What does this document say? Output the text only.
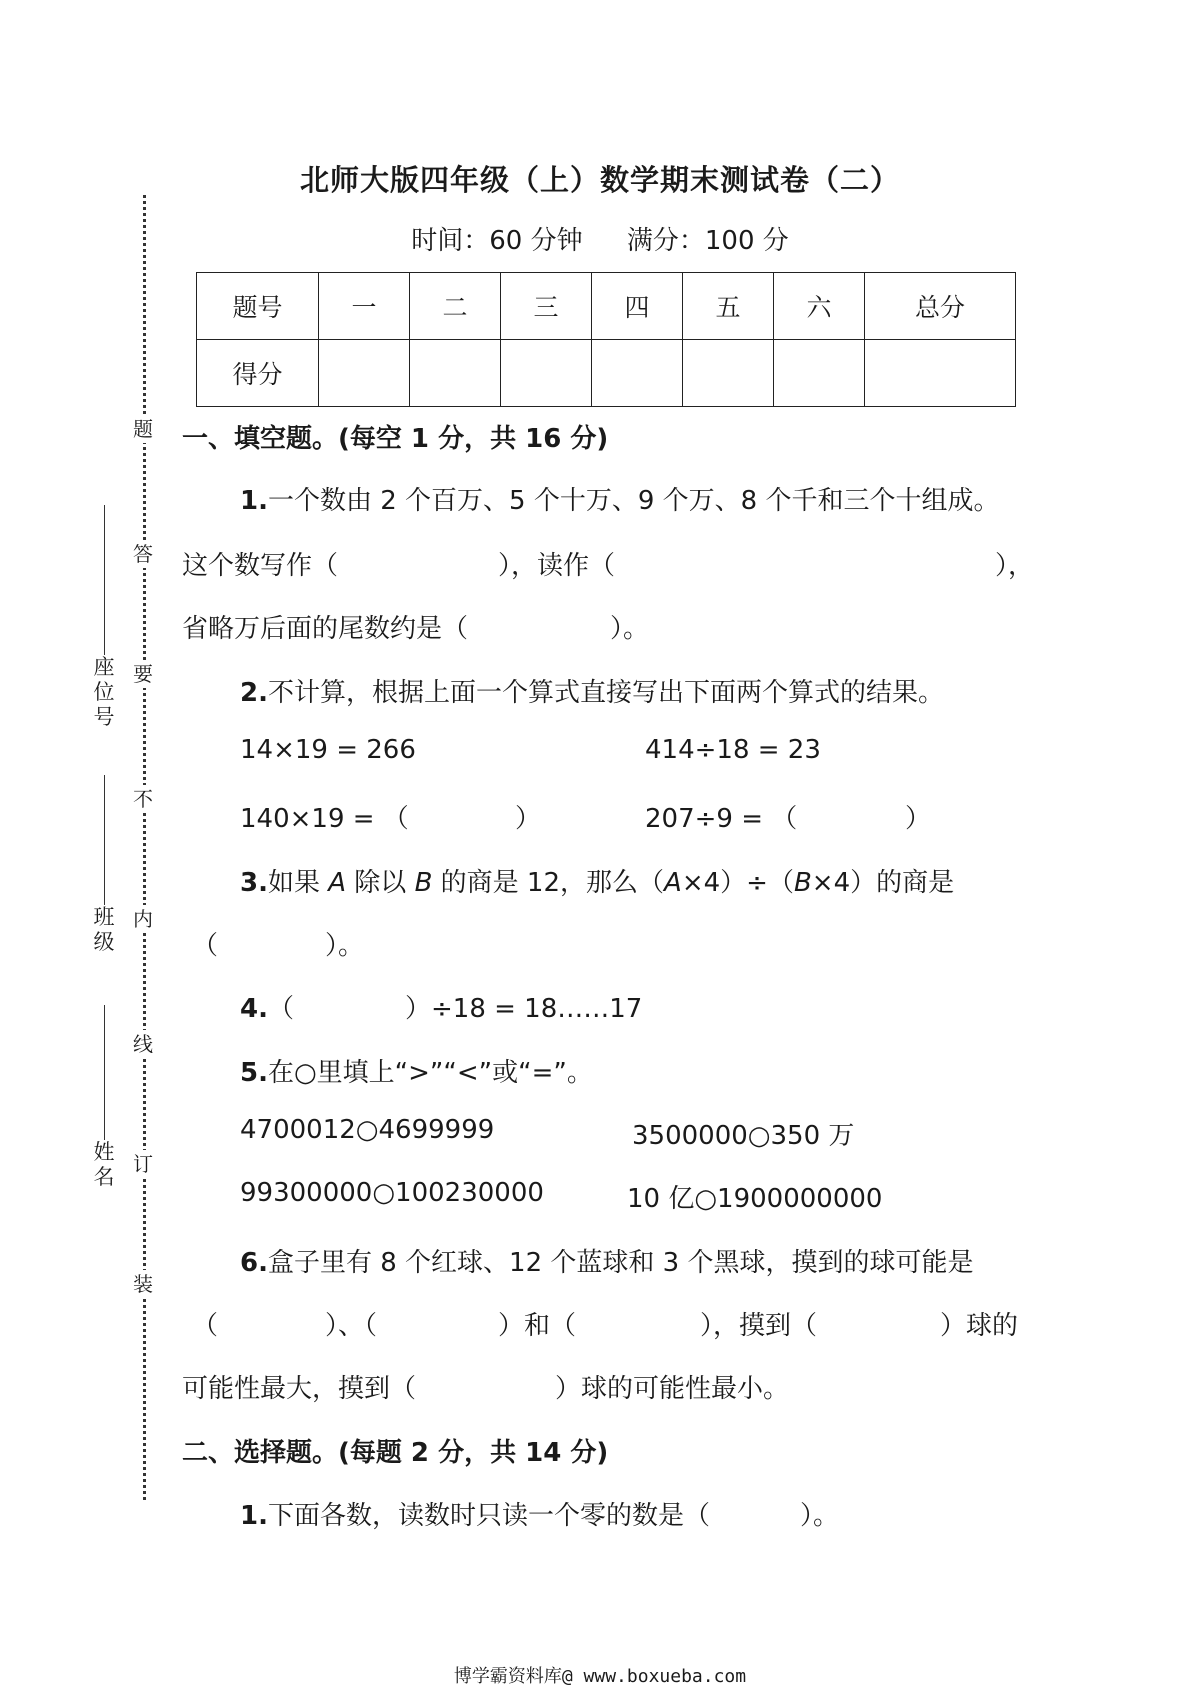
题
答
要
不
内
线
订
装
座位号
班级
姓名
北师大版四年级（上）数学期末测试卷（二）
时间：60 分钟 满分：100 分
题号	一	二	三	四	五	六	总分
得分							
一、填空题。(每空 1 分，共 16 分)
1.一个数由 2 个百万、5 个十万、9 个万、8 个千和三个十组成。
这个数写作（	），读作（	），
省略万后面的尾数约是（	）。
2.不计算，根据上面一个算式直接写出下面两个算式的结果。
14×19 = 266	414÷18 = 23
140×19 = （	）	207÷9 = （	）
3.如果 A 除以 B 的商是 12，那么（A×4）÷（B×4）的商是
（	）。
4.（	）÷18 = 18……17
5.在○里填上“>”“<”或“=”。
4700012○4699999	3500000○350 万
99300000○100230000	10 亿○1900000000
6.盒子里有 8 个红球、12 个蓝球和 3 个黑球，摸到的球可能是
（	）、（	）和（	），摸到（	）球的
可能性最大，摸到（	）球的可能性最小。
二、选择题。(每题 2 分，共 14 分)
1.下面各数，读数时只读一个零的数是（	）。
博学霸资料库@ www.boxueba.com
